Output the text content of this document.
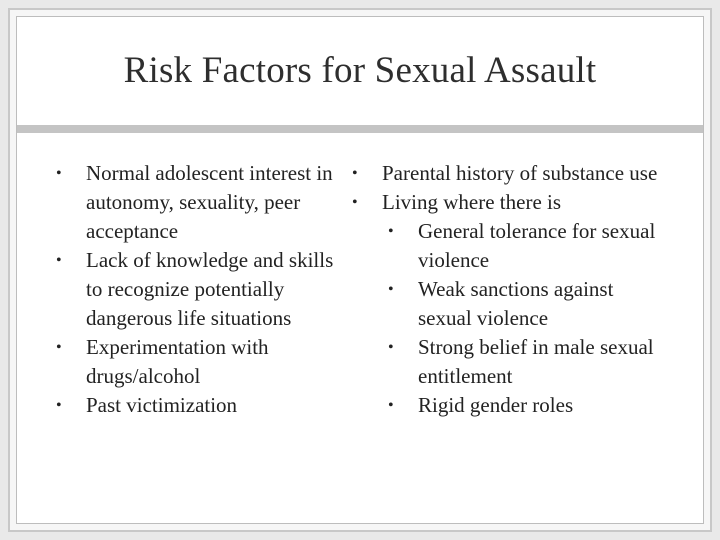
Risk Factors for Sexual Assault
•	Normal adolescent interest in autonomy, sexuality, peer acceptance
•	Lack of knowledge and skills to recognize potentially dangerous life situations
•	Experimentation with drugs/alcohol
•	Past victimization
•	Parental history of substance use
•	Living where there is
•	General tolerance for sexual violence
•	Weak sanctions against sexual violence
•	Strong belief in male sexual entitlement
•	Rigid gender roles
